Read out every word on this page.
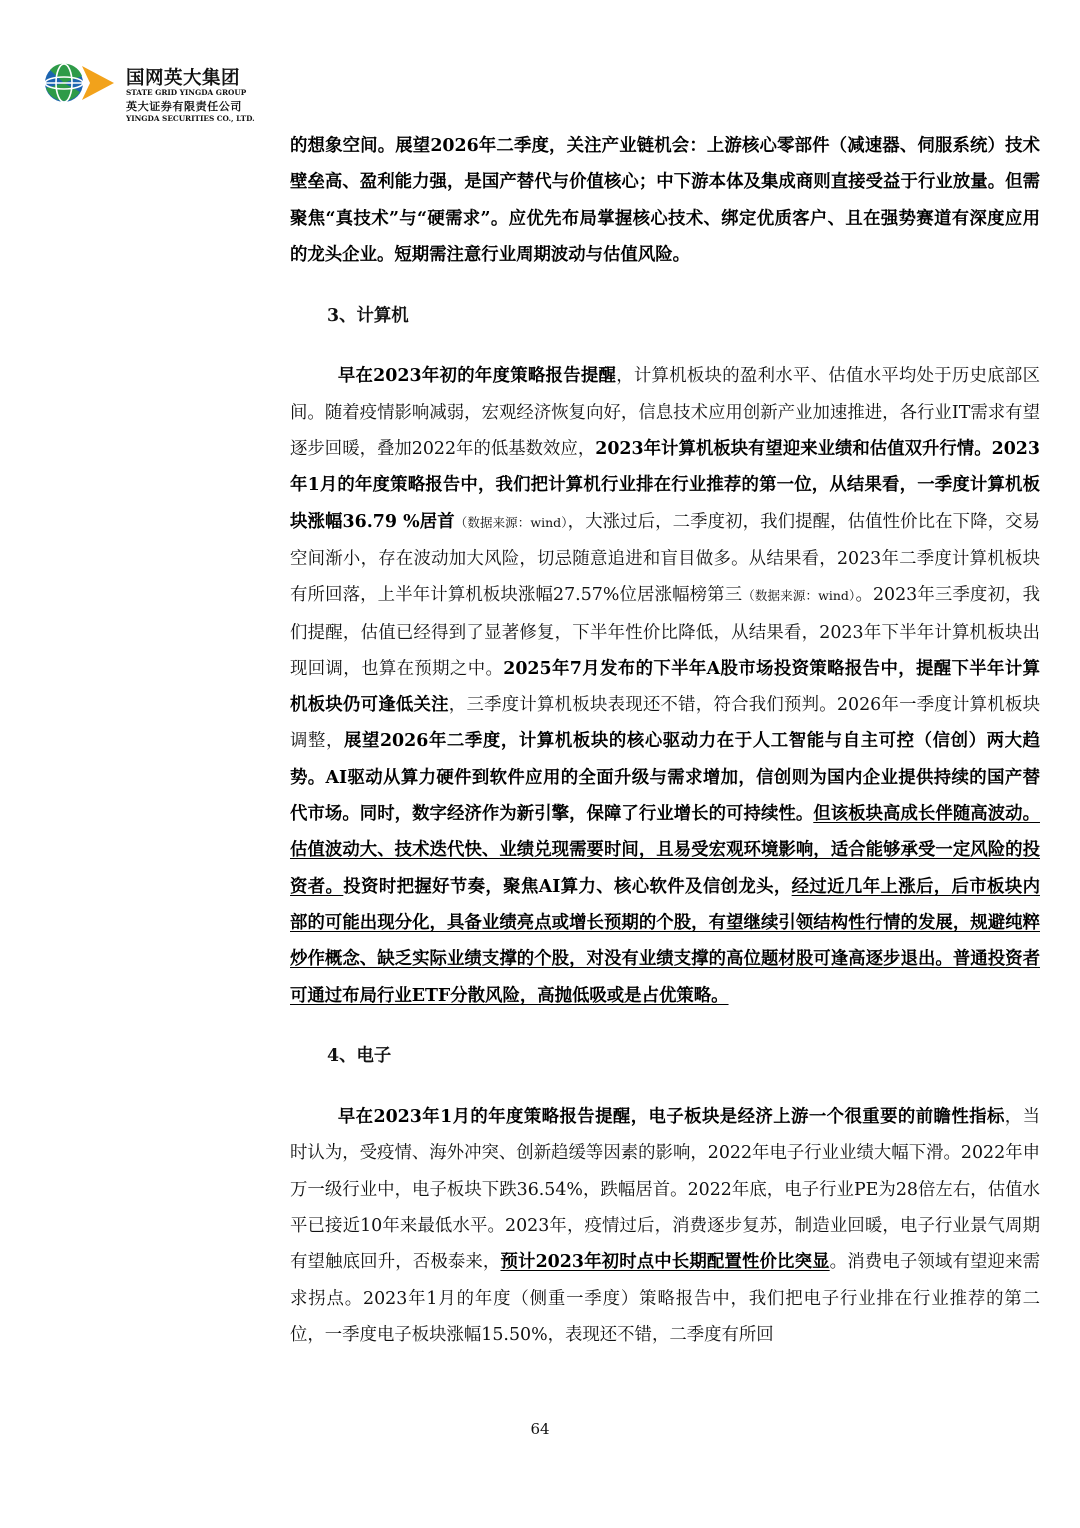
国网英大集团
STATE GRID YINGDA GROUP
英大证券有限责任公司
YINGDA SECURITIES CO., LTD.

的想象空间。展望2026年二季度，关注产业链机会：上游核心零部件（减速器、伺服系统）技术壁垒高、盈利能力强，是国产替代与价值核心；中下游本体及集成商则直接受益于行业放量。但需聚焦“真技术”与“硬需求”。应优先布局掌握核心技术、绑定优质客户、且在强势赛道有深度应用的龙头企业。短期需注意行业周期波动与估值风险。

3、计算机

早在2023年初的年度策略报告提醒，计算机板块的盈利水平、估值水平均处于历史底部区间。随着疫情影响减弱，宏观经济恢复向好，信息技术应用创新产业加速推进，各行业IT需求有望逐步回暖，叠加2022年的低基数效应，2023年计算机板块有望迎来业绩和估值双升行情。2023年1月的年度策略报告中，我们把计算机行业排在行业推荐的第一位，从结果看，一季度计算机板块涨幅36.79 %居首（数据来源：wind），大涨过后，二季度初，我们提醒，估值性价比在下降，交易空间渐小，存在波动加大风险，切忌随意追进和盲目做多。从结果看，2023年二季度计算机板块有所回落，上半年计算机板块涨幅27.57%位居涨幅榜第三（数据来源：wind）。2023年三季度初，我们提醒，估值已经得到了显著修复，下半年性价比降低，从结果看，2023年下半年计算机板块出现回调，也算在预期之中。2025年7月发布的下半年A股市场投资策略报告中，提醒下半年计算机板块仍可逢低关注，三季度计算机板块表现还不错，符合我们预判。2026年一季度计算机板块调整，展望2026年二季度，计算机板块的核心驱动力在于人工智能与自主可控（信创）两大趋势。AI驱动从算力硬件到软件应用的全面升级与需求增加，信创则为国内企业提供持续的国产替代市场。同时，数字经济作为新引擎，保障了行业增长的可持续性。但该板块高成长伴随高波动。估值波动大、技术迭代快、业绩兑现需要时间，且易受宏观环境影响，适合能够承受一定风险的投资者。投资时把握好节奏，聚焦AI算力、核心软件及信创龙头，经过近几年上涨后，后市板块内部的可能出现分化，具备业绩亮点或增长预期的个股，有望继续引领结构性行情的发展，规避纯粹炒作概念、缺乏实际业绩支撑的个股，对没有业绩支撑的高位题材股可逢高逐步退出。普通投资者可通过布局行业ETF分散风险，高抛低吸或是占优策略。

4、电子

早在2023年1月的年度策略报告提醒，电子板块是经济上游一个很重要的前瞻性指标，当时认为，受疫情、海外冲突、创新趋缓等因素的影响，2022年电子行业业绩大幅下滑。2022年申万一级行业中，电子板块下跌36.54%，跌幅居首。2022年底，电子行业PE为28倍左右，估值水平已接近10年来最低水平。2023年，疫情过后，消费逐步复苏，制造业回暖，电子行业景气周期有望触底回升，否极泰来，预计2023年初时点中长期配置性价比突显。消费电子领域有望迎来需求拐点。2023年1月的年度（侧重一季度）策略报告中，我们把电子行业排在行业推荐的第二位，一季度电子板块涨幅15.50%，表现还不错，二季度有所回

64
